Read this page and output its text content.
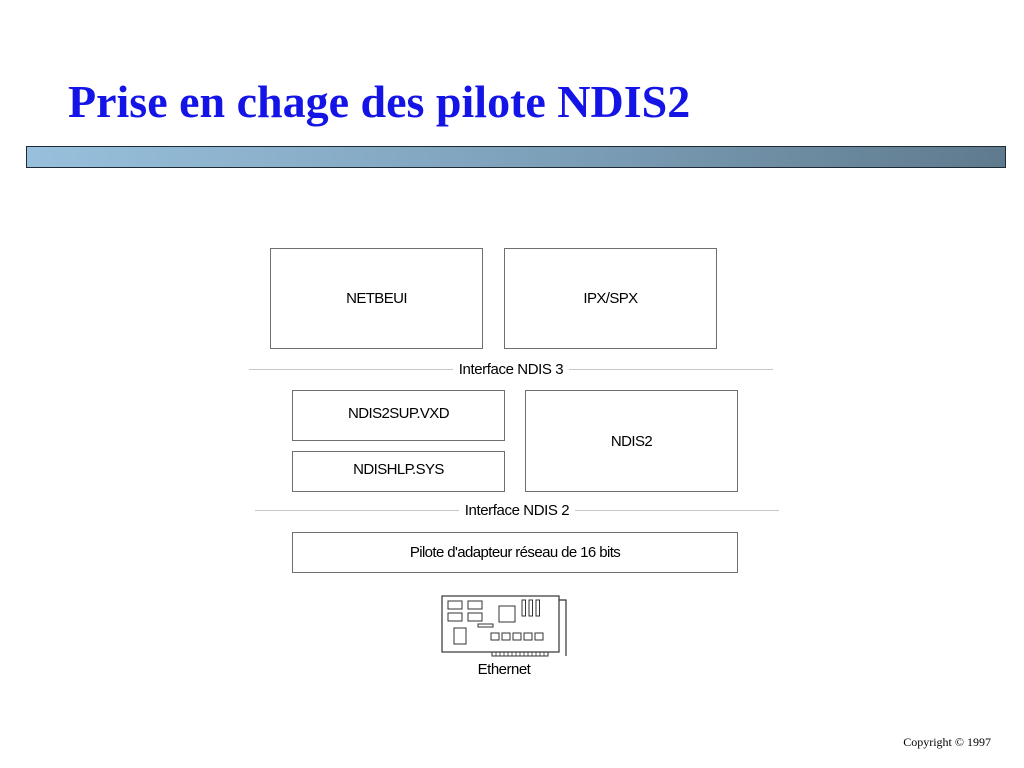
Prise en chage des pilote NDIS2
NETBEUI	IPX/SPX
Interface NDIS 3
NDIS2SUP.VXD
NDISHLP.SYS
NDIS2
Interface NDIS 2
Pilote d'adapteur réseau de 16 bits
Ethernet
Copyright © 1997
